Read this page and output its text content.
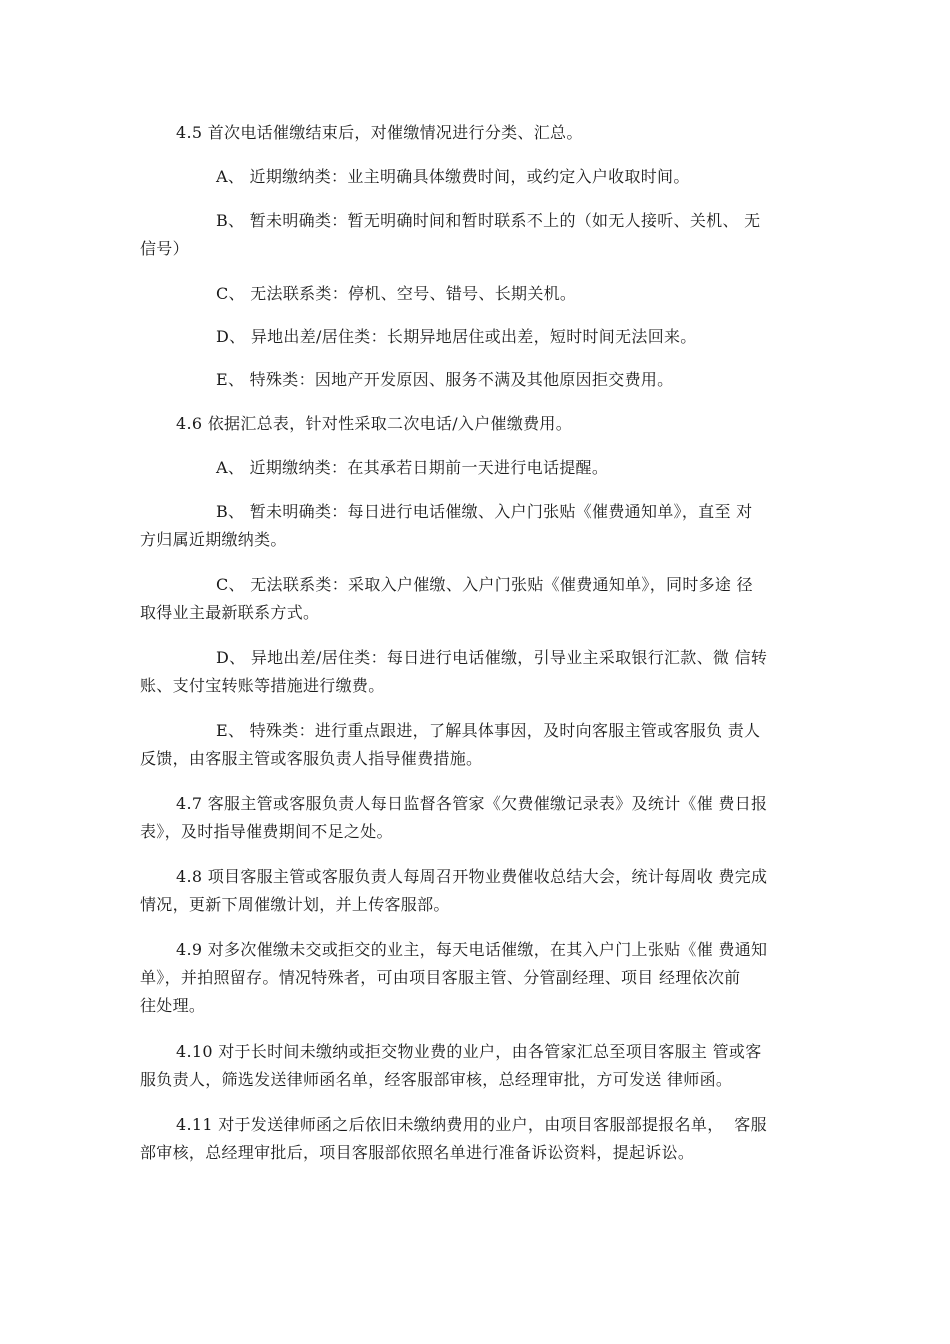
4.5 首次电话催缴结束后，对催缴情况进行分类、汇总。
A、 近期缴纳类：业主明确具体缴费时间，或约定入户收取时间。
B、 暂未明确类：暂无明确时间和暂时联系不上的（如无人接听、关机、 无
信号）
C、 无法联系类：停机、空号、错号、长期关机。
D、 异地出差/居住类：长期异地居住或出差，短时时间无法回来。
E、 特殊类：因地产开发原因、服务不满及其他原因拒交费用。
4.6 依据汇总表，针对性采取二次电话/入户催缴费用。
A、 近期缴纳类：在其承若日期前一天进行电话提醒。
B、 暂未明确类：每日进行电话催缴、入户门张贴《催费通知单》，直至 对
方归属近期缴纳类。
C、 无法联系类：采取入户催缴、入户门张贴《催费通知单》，同时多途 径
取得业主最新联系方式。
D、 异地出差/居住类：每日进行电话催缴，引导业主采取银行汇款、微 信转
账、支付宝转账等措施进行缴费。
E、 特殊类：进行重点跟进，了解具体事因，及时向客服主管或客服负 责人
反馈，由客服主管或客服负责人指导催费措施。
4.7 客服主管或客服负责人每日监督各管家《欠费催缴记录表》及统计《催 费日报
表》，及时指导催费期间不足之处。
4.8 项目客服主管或客服负责人每周召开物业费催收总结大会，统计每周收 费完成
情况，更新下周催缴计划，并上传客服部。
4.9 对多次催缴未交或拒交的业主，每天电话催缴，在其入户门上张贴《催 费通知
单》，并拍照留存。情况特殊者，可由项目客服主管、分管副经理、项目 经理依次前
往处理。
4.10 对于长时间未缴纳或拒交物业费的业户，由各管家汇总至项目客服主 管或客
服负责人，筛选发送律师函名单，经客服部审核，总经理审批，方可发送 律师函。
4.11 对于发送律师函之后依旧未缴纳费用的业户，由项目客服部提报名单，  客服
部审核，总经理审批后，项目客服部依照名单进行准备诉讼资料，提起诉讼。
